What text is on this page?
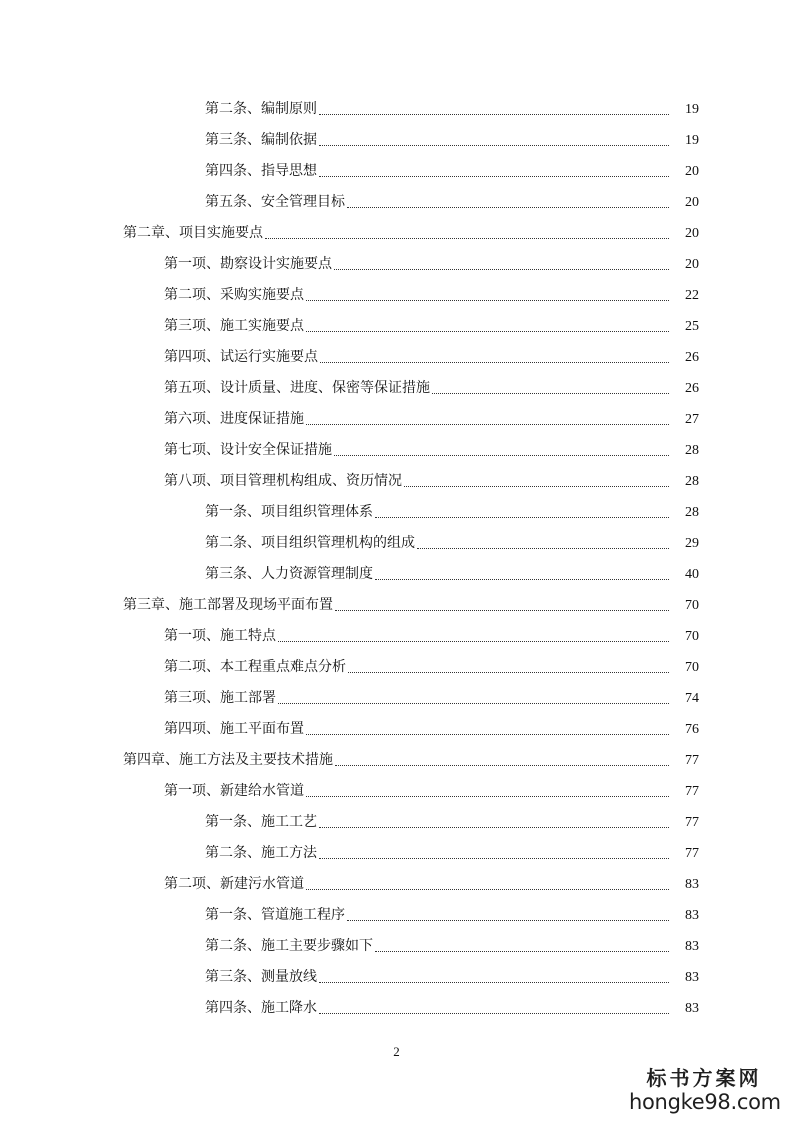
第二条、编制原则	19
第三条、编制依据	19
第四条、指导思想	20
第五条、安全管理目标	20
第二章、项目实施要点	20
第一项、勘察设计实施要点	20
第二项、采购实施要点	22
第三项、施工实施要点	25
第四项、试运行实施要点	26
第五项、设计质量、进度、保密等保证措施	26
第六项、进度保证措施	27
第七项、设计安全保证措施	28
第八项、项目管理机构组成、资历情况	28
第一条、项目组织管理体系	28
第二条、项目组织管理机构的组成	29
第三条、人力资源管理制度	40
第三章、施工部署及现场平面布置	70
第一项、施工特点	70
第二项、本工程重点难点分析	70
第三项、施工部署	74
第四项、施工平面布置	76
第四章、施工方法及主要技术措施	77
第一项、新建给水管道	77
第一条、施工工艺	77
第二条、施工方法	77
第二项、新建污水管道	83
第一条、管道施工程序	83
第二条、施工主要步骤如下	83
第三条、测量放线	83
第四条、施工降水	83
2
标书方案网
hongke98.com
